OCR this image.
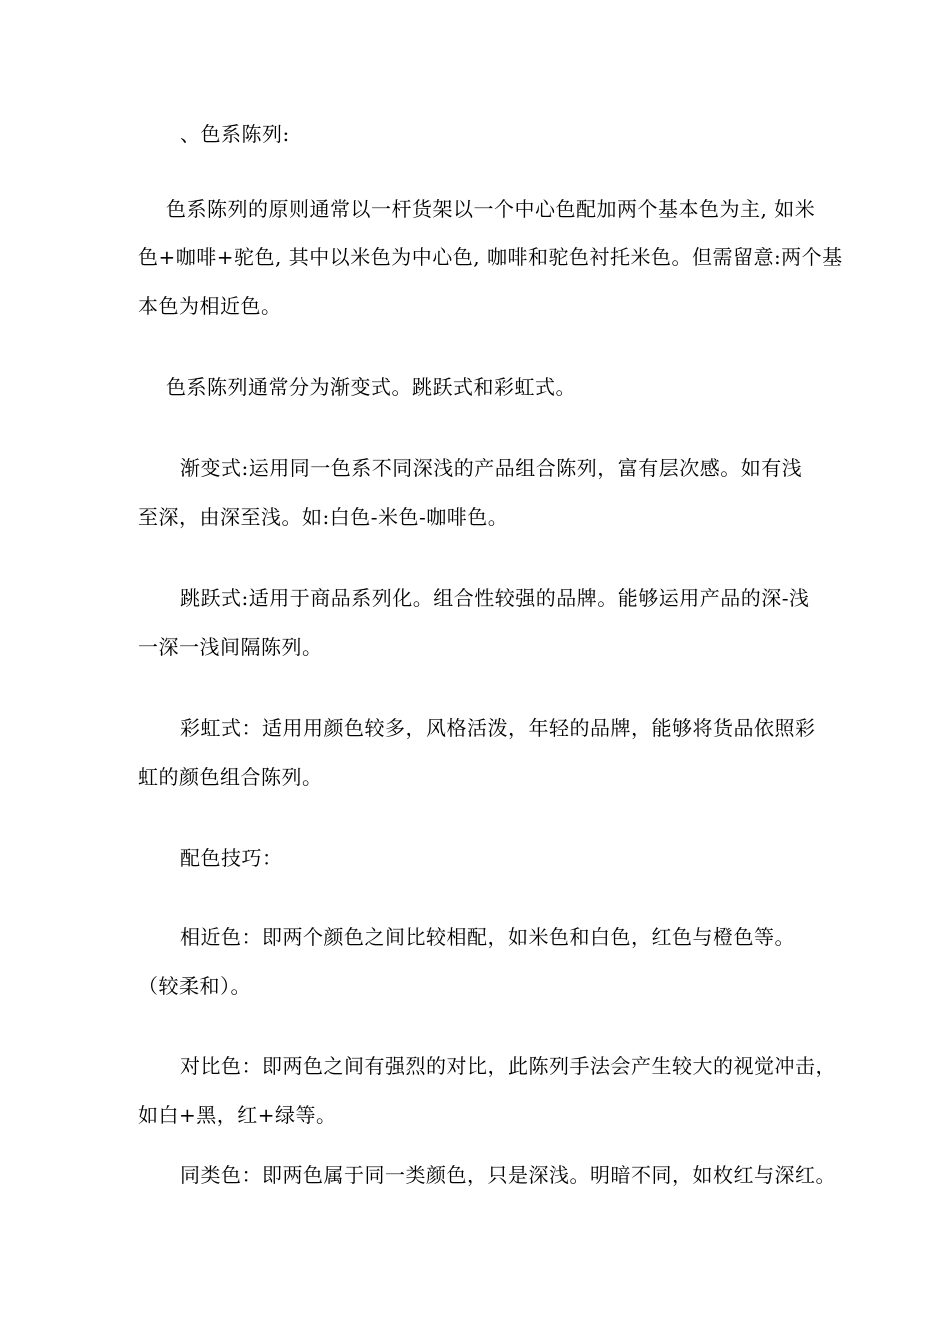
、色系陈列:
色系陈列的原则通常以一杆货架以一个中心色配加两个基本色为主, 如米
色+咖啡+驼色, 其中以米色为中心色, 咖啡和驼色衬托米色。但需留意:两个基
本色为相近色。
色系陈列通常分为渐变式。跳跃式和彩虹式。
渐变式:运用同一色系不同深浅的产品组合陈列，富有层次感。如有浅
至深，由深至浅。如:白色-米色-咖啡色。
跳跃式:适用于商品系列化。组合性较强的品牌。能够运用产品的深-浅
一深一浅间隔陈列。
彩虹式：适用用颜色较多，风格活泼，年轻的品牌，能够将货品依照彩
虹的颜色组合陈列。
配色技巧：
相近色：即两个颜色之间比较相配，如米色和白色，红色与橙色等。
（较柔和）。
对比色：即两色之间有强烈的对比，此陈列手法会产生较大的视觉冲击，
如白+黑，红+绿等。
同类色：即两色属于同一类颜色，只是深浅。明暗不同，如枚红与深红。
